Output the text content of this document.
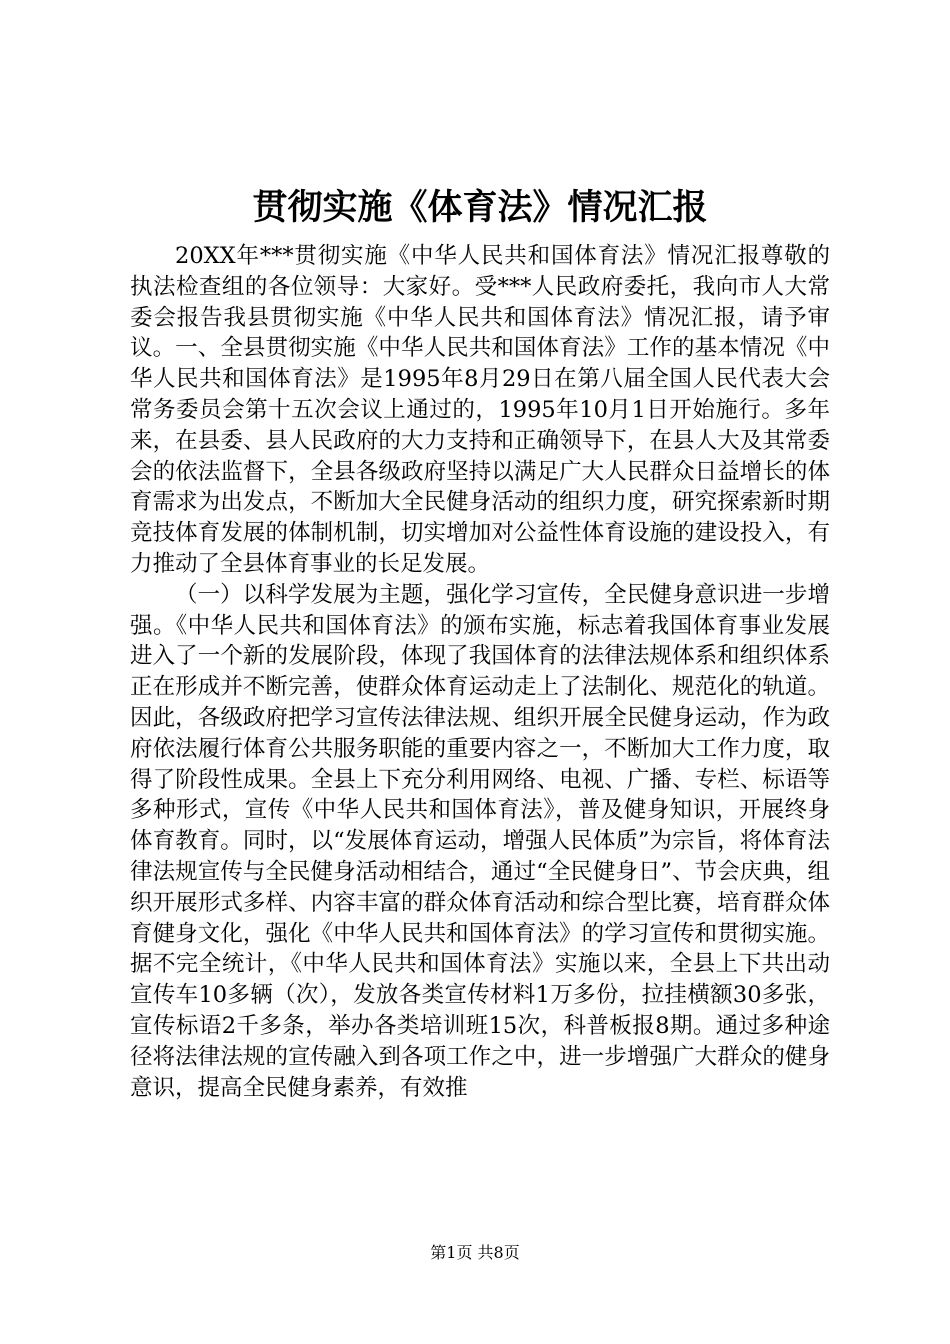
贯彻实施《体育法》情况汇报

20XX年***贯彻实施《中华人民共和国体育法》情况汇报尊敬的执法检查组的各位领导：大家好。受***人民政府委托，我向市人大常委会报告我县贯彻实施《中华人民共和国体育法》情况汇报，请予审议。一、全县贯彻实施《中华人民共和国体育法》工作的基本情况《中华人民共和国体育法》是1995年8月29日在第八届全国人民代表大会常务委员会第十五次会议上通过的，1995年10月1日开始施行。多年来，在县委、县人民政府的大力支持和正确领导下，在县人大及其常委会的依法监督下，全县各级政府坚持以满足广大人民群众日益增长的体育需求为出发点，不断加大全民健身活动的组织力度，研究探索新时期竞技体育发展的体制机制，切实增加对公益性体育设施的建设投入，有力推动了全县体育事业的长足发展。

（一）以科学发展为主题，强化学习宣传，全民健身意识进一步增强。《中华人民共和国体育法》的颁布实施，标志着我国体育事业发展进入了一个新的发展阶段，体现了我国体育的法律法规体系和组织体系正在形成并不断完善，使群众体育运动走上了法制化、规范化的轨道。因此，各级政府把学习宣传法律法规、组织开展全民健身运动，作为政府依法履行体育公共服务职能的重要内容之一，不断加大工作力度，取得了阶段性成果。全县上下充分利用网络、电视、广播、专栏、标语等多种形式，宣传《中华人民共和国体育法》，普及健身知识，开展终身体育教育。同时，以“发展体育运动，增强人民体质”为宗旨，将体育法律法规宣传与全民健身活动相结合，通过“全民健身日”、节会庆典，组织开展形式多样、内容丰富的群众体育活动和综合型比赛，培育群众体育健身文化，强化《中华人民共和国体育法》的学习宣传和贯彻实施。据不完全统计，《中华人民共和国体育法》实施以来，全县上下共出动宣传车10多辆（次），发放各类宣传材料1万多份，拉挂横额30多张，宣传标语2千多条，举办各类培训班15次，科普板报8期。通过多种途径将法律法规的宣传融入到各项工作之中，进一步增强广大群众的健身意识，提高全民健身素养，有效推

第1页 共8页
